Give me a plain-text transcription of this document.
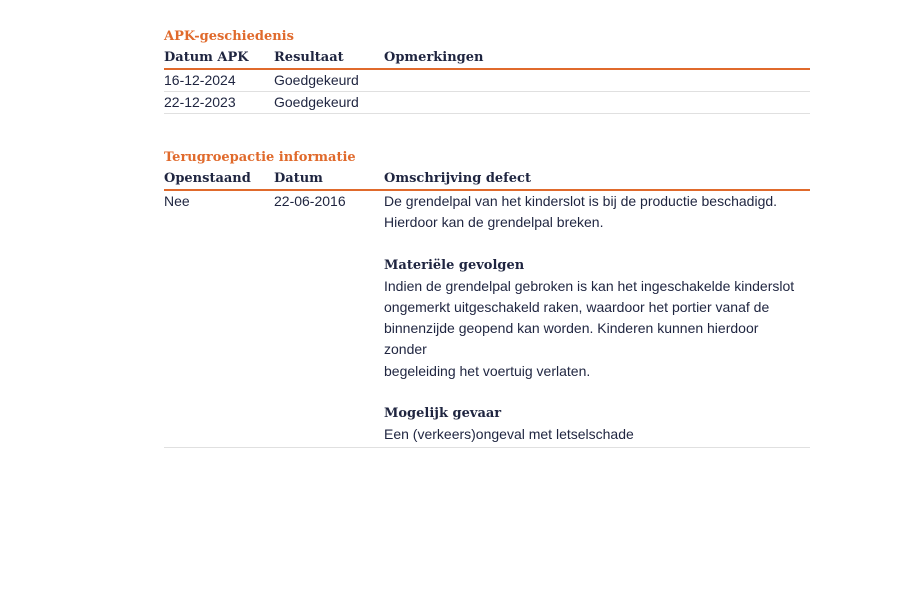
APK-geschiedenis
Datum APK	Resultaat	Opmerkingen
16-12-2024	Goedgekeurd
22-12-2023	Goedgekeurd
Terugroepactie informatie
Openstaand	Datum	Omschrijving defect
Nee	22-06-2016	De grendelpal van het kinderslot is bij de productie beschadigd.
Hierdoor kan de grendelpal breken.
Materiële gevolgen
Indien de grendelpal gebroken is kan het ingeschakelde kinderslot
ongemerkt uitgeschakeld raken, waardoor het portier vanaf de
binnenzijde geopend kan worden. Kinderen kunnen hierdoor zonder
begeleiding het voertuig verlaten.
Mogelijk gevaar
Een (verkeers)ongeval met letselschade
